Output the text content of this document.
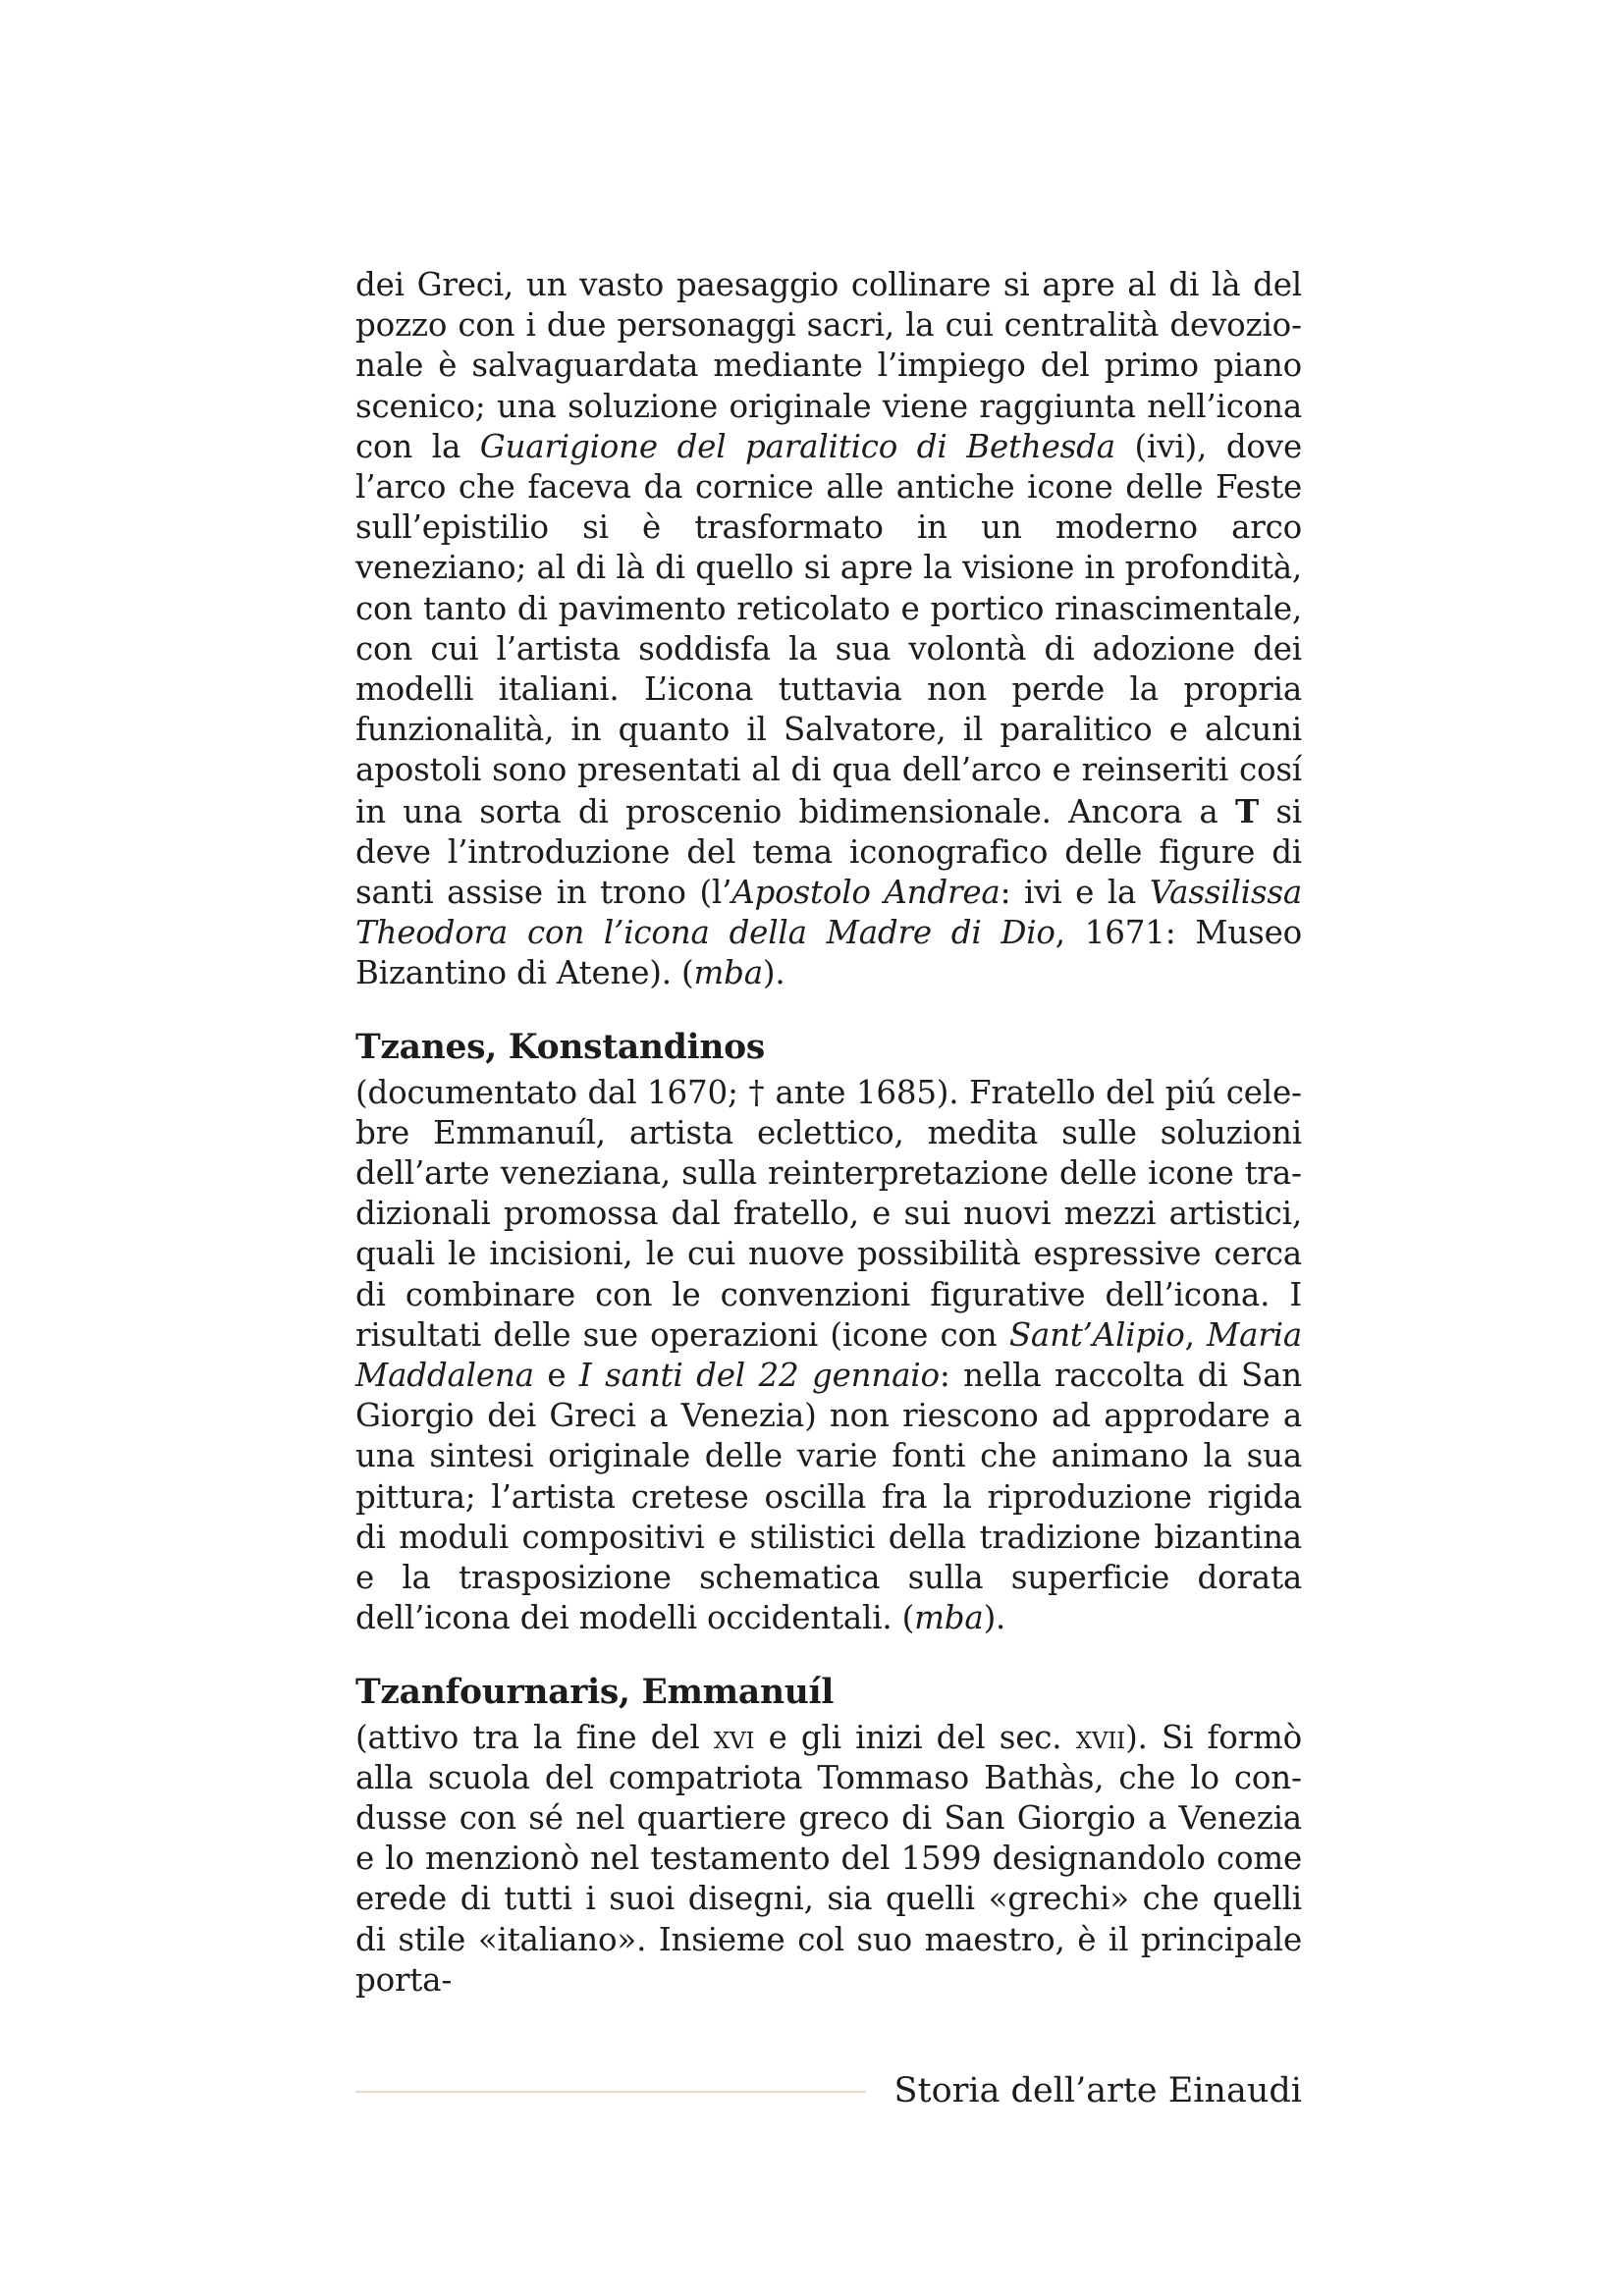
dei Greci, un vasto paesaggio collinare si apre al di là del pozzo con i due personaggi sacri, la cui centralità devozionale è salvaguardata mediante l’impiego del primo piano scenico; una soluzione originale viene raggiunta nell’icona con la Guarigione del paralitico di Bethesda (ivi), dove l’arco che faceva da cornice alle antiche icone delle Feste sull’epistilio si è trasformato in un moderno arco veneziano; al di là di quello si apre la visione in profondità, con tanto di pavimento reticolato e portico rinascimentale, con cui l’artista soddisfa la sua volontà di adozione dei modelli italiani. L’icona tuttavia non perde la propria funzionalità, in quanto il Salvatore, il paralitico e alcuni apostoli sono presentati al di qua dell’arco e reinseriti cosí in una sorta di proscenio bidimensionale. Ancora a T si deve l’introduzione del tema iconografico delle figure di santi assise in trono (l’Apostolo Andrea: ivi e la Vassilissa Theodora con l’icona della Madre di Dio, 1671: Museo Bizantino di Atene). (mba).

Tzanes, Konstandinos

(documentato dal 1670; † ante 1685). Fratello del piú celebre Emmanuíl, artista eclettico, medita sulle soluzioni dell’arte veneziana, sulla reinterpretazione delle icone tradizionali promossa dal fratello, e sui nuovi mezzi artistici, quali le incisioni, le cui nuove possibilità espressive cerca di combinare con le convenzioni figurative dell’icona. I risultati delle sue operazioni (icone con Sant’Alipio, Maria Maddalena e I santi del 22 gennaio: nella raccolta di San Giorgio dei Greci a Venezia) non riescono ad approdare a una sintesi originale delle varie fonti che animano la sua pittura; l’artista cretese oscilla fra la riproduzione rigida di moduli compositivi e stilistici della tradizione bizantina e la trasposizione schematica sulla superficie dorata dell’icona dei modelli occidentali. (mba).

Tzanfournaris, Emmanuíl

(attivo tra la fine del xvi e gli inizi del sec. xvii). Si formò alla scuola del compatriota Tommaso Bathàs, che lo condusse con sé nel quartiere greco di San Giorgio a Venezia e lo menzionò nel testamento del 1599 designandolo come erede di tutti i suoi disegni, sia quelli «grechi» che quelli di stile «italiano». Insieme col suo maestro, è il principale porta-

Storia dell’arte Einaudi
